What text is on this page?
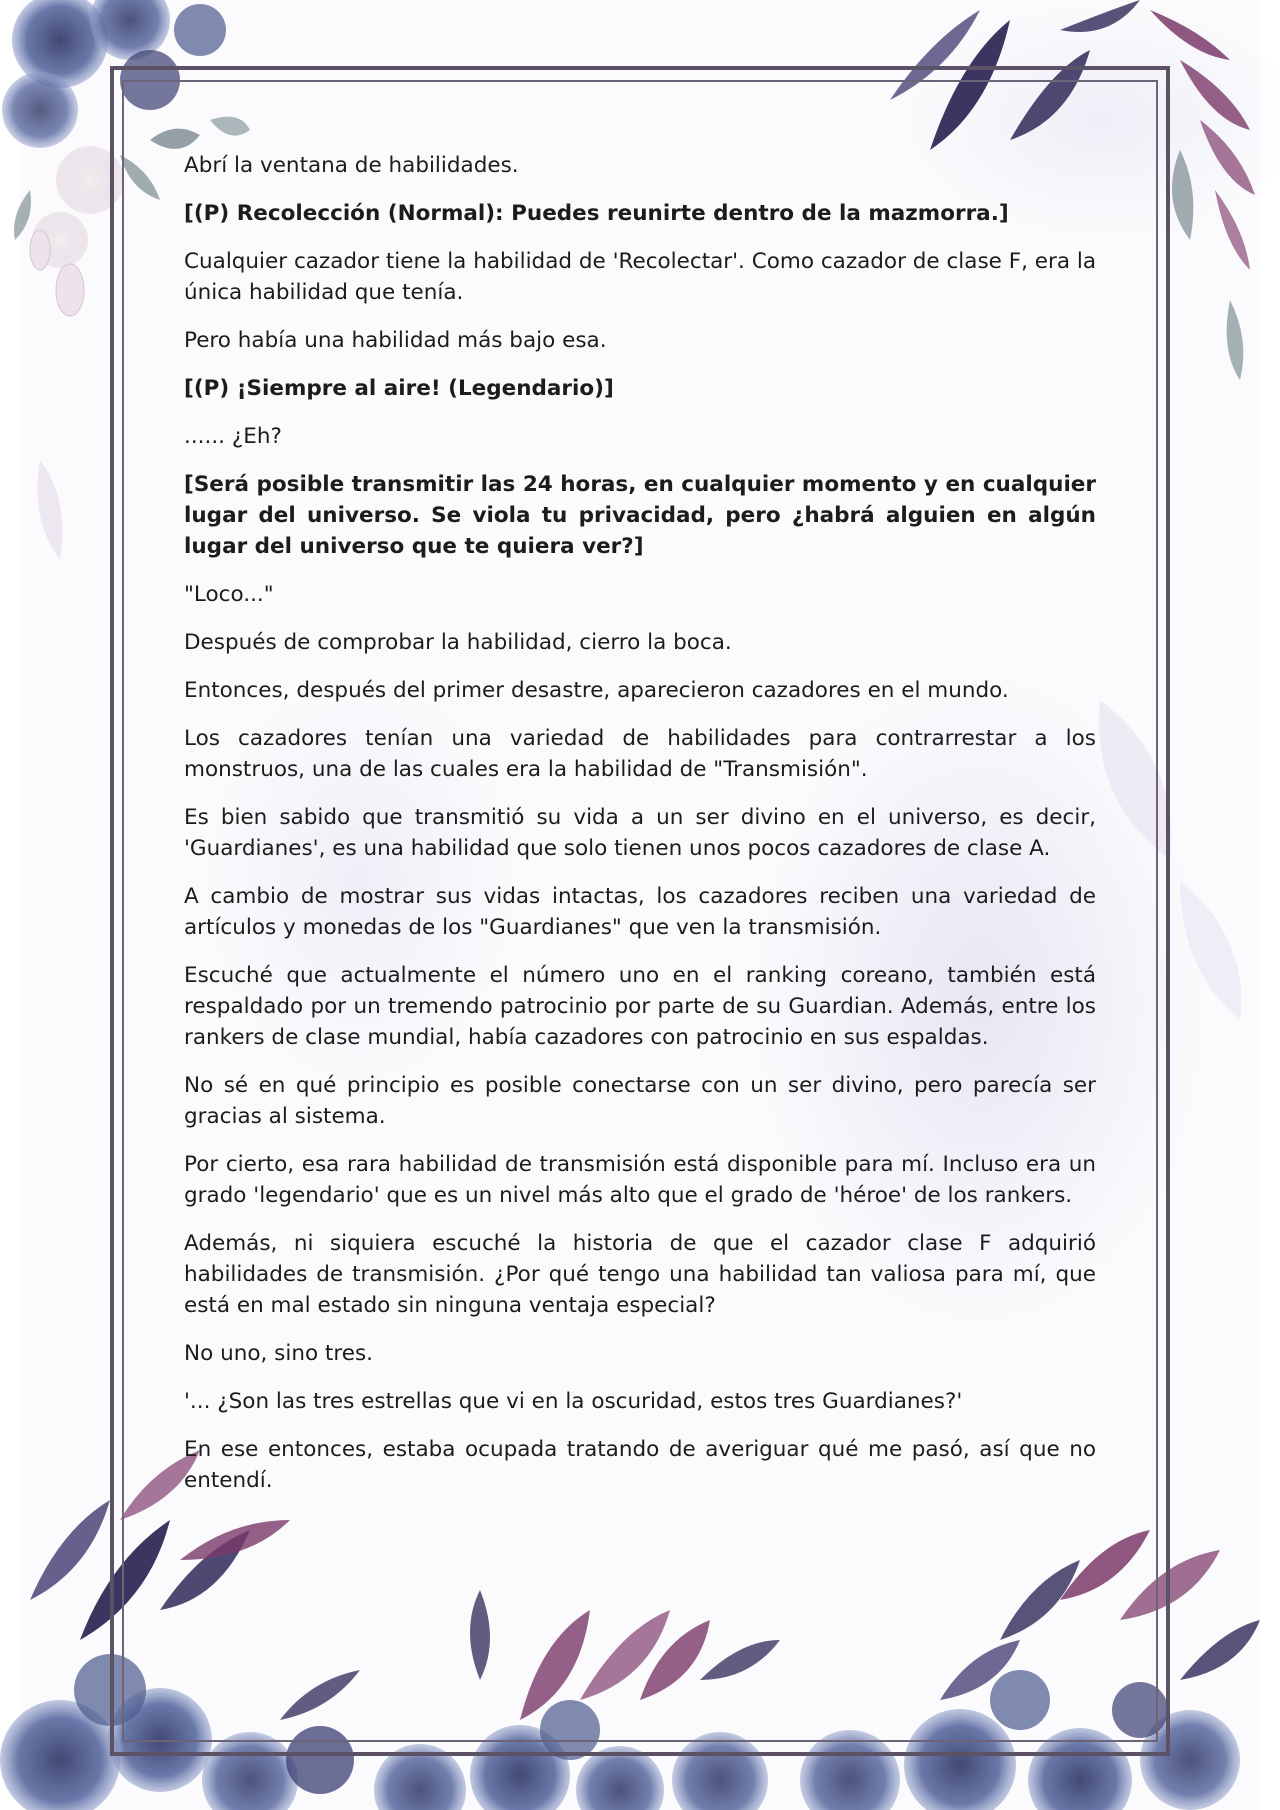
Abrí la ventana de habilidades.

[(P) Recolección (Normal): Puedes reunirte dentro de la mazmorra.]

Cualquier cazador tiene la habilidad de 'Recolectar'. Como cazador de clase F, era la única habilidad que tenía.

Pero había una habilidad más bajo esa.

[(P) ¡Siempre al aire! (Legendario)]

...... ¿Eh?

[Será posible transmitir las 24 horas, en cualquier momento y en cualquier lugar del universo. Se viola tu privacidad, pero ¿habrá alguien en algún lugar del universo que te quiera ver?]

"Loco..."

Después de comprobar la habilidad, cierro la boca.

Entonces, después del primer desastre, aparecieron cazadores en el mundo.

Los cazadores tenían una variedad de habilidades para contrarrestar a los monstruos, una de las cuales era la habilidad de "Transmisión".

Es bien sabido que transmitió su vida a un ser divino en el universo, es decir, 'Guardianes', es una habilidad que solo tienen unos pocos cazadores de clase A.

A cambio de mostrar sus vidas intactas, los cazadores reciben una variedad de artículos y monedas de los "Guardianes" que ven la transmisión.

Escuché que actualmente el número uno en el ranking coreano, también está respaldado por un tremendo patrocinio por parte de su Guardian. Además, entre los rankers de clase mundial, había cazadores con patrocinio en sus espaldas.

No sé en qué principio es posible conectarse con un ser divino, pero parecía ser gracias al sistema.

Por cierto, esa rara habilidad de transmisión está disponible para mí. Incluso era un grado 'legendario' que es un nivel más alto que el grado de 'héroe' de los rankers.

Además, ni siquiera escuché la historia de que el cazador clase F adquirió habilidades de transmisión. ¿Por qué tengo una habilidad tan valiosa para mí, que está en mal estado sin ninguna ventaja especial?

No uno, sino tres.

'... ¿Son las tres estrellas que vi en la oscuridad, estos tres Guardianes?'

En ese entonces, estaba ocupada tratando de averiguar qué me pasó, así que no entendí.
